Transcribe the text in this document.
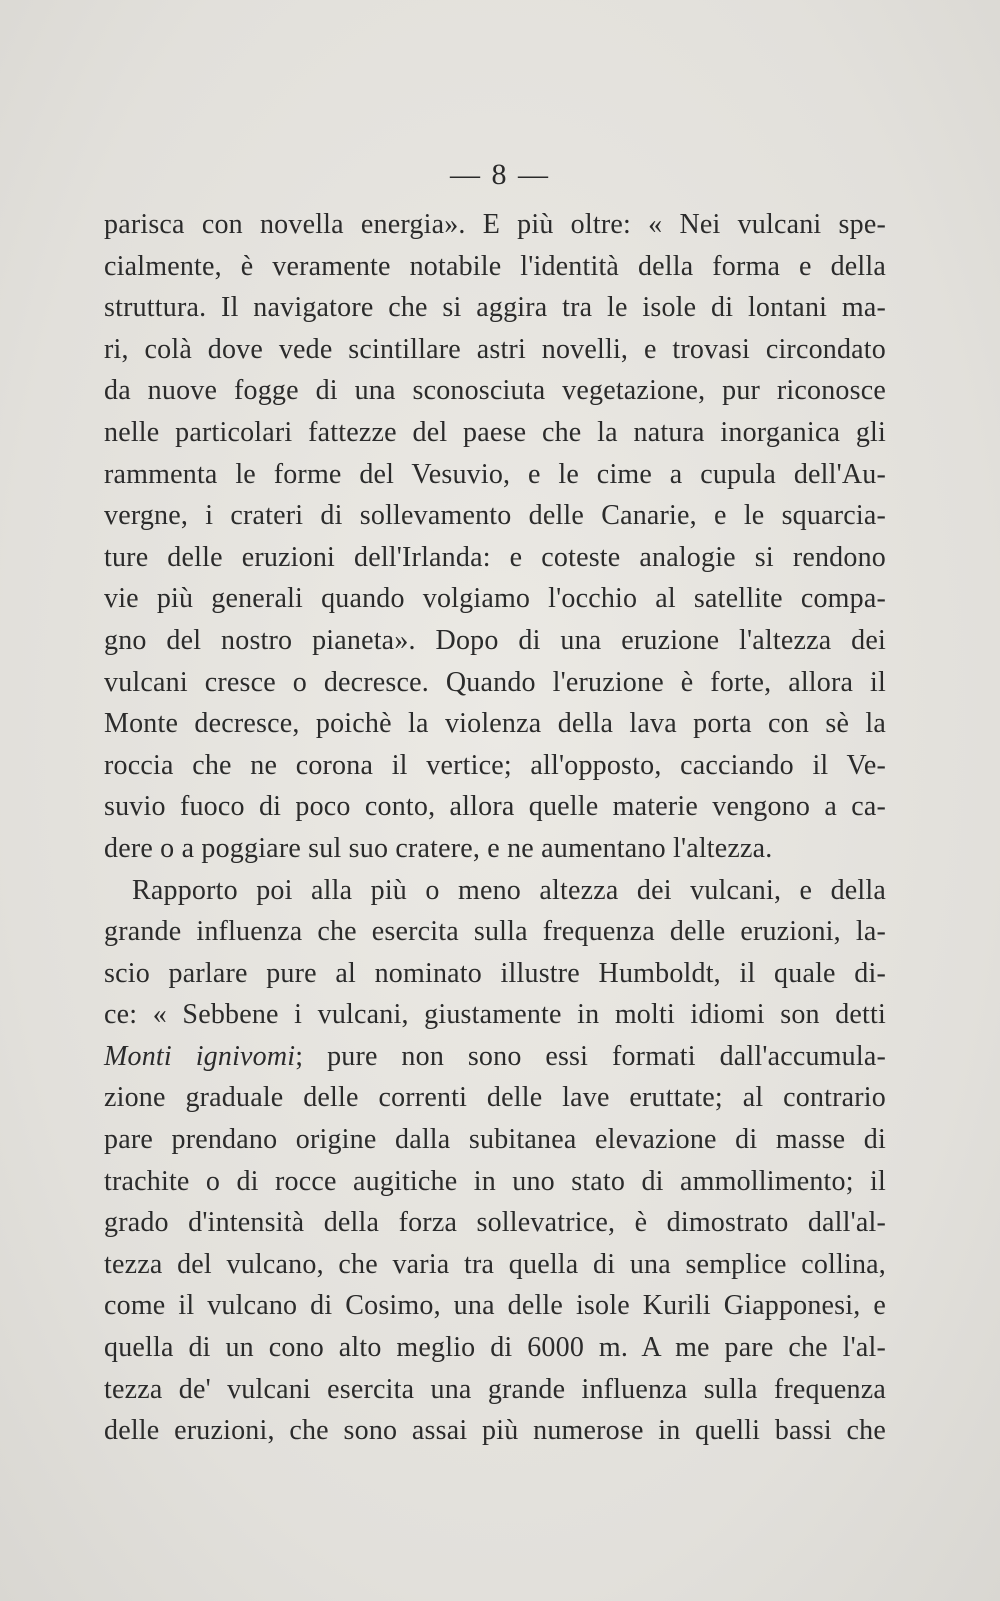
— 8 —
parisca con novella energia». E più oltre: « Nei vulcani spe-
cialmente, è veramente notabile l'identità della forma e della
struttura. Il navigatore che si aggira tra le isole di lontani ma-
ri, colà dove vede scintillare astri novelli, e trovasi circondato
da nuove fogge di una sconosciuta vegetazione, pur riconosce
nelle particolari fattezze del paese che la natura inorganica gli
rammenta le forme del Vesuvio, e le cime a cupula dell'Au-
vergne, i crateri di sollevamento delle Canarie, e le squarcia-
ture delle eruzioni dell'Irlanda: e coteste analogie si rendono
vie più generali quando volgiamo l'occhio al satellite compa-
gno del nostro pianeta». Dopo di una eruzione l'altezza dei
vulcani cresce o decresce. Quando l'eruzione è forte, allora il
Monte decresce, poichè la violenza della lava porta con sè la
roccia che ne corona il vertice; all'opposto, cacciando il Ve-
suvio fuoco di poco conto, allora quelle materie vengono a ca-
dere o a poggiare sul suo cratere, e ne aumentano l'altezza.
Rapporto poi alla più o meno altezza dei vulcani, e della
grande influenza che esercita sulla frequenza delle eruzioni, la-
scio parlare pure al nominato illustre Humboldt, il quale di-
ce: « Sebbene i vulcani, giustamente in molti idiomi son detti
Monti ignivomi; pure non sono essi formati dall'accumula-
zione graduale delle correnti delle lave eruttate; al contrario
pare prendano origine dalla subitanea elevazione di masse di
trachite o di rocce augitiche in uno stato di ammollimento; il
grado d'intensità della forza sollevatrice, è dimostrato dall'al-
tezza del vulcano, che varia tra quella di una semplice collina,
come il vulcano di Cosimo, una delle isole Kurili Giapponesi, e
quella di un cono alto meglio di 6000 m. A me pare che l'al-
tezza de' vulcani esercita una grande influenza sulla frequenza
delle eruzioni, che sono assai più numerose in quelli bassi che
